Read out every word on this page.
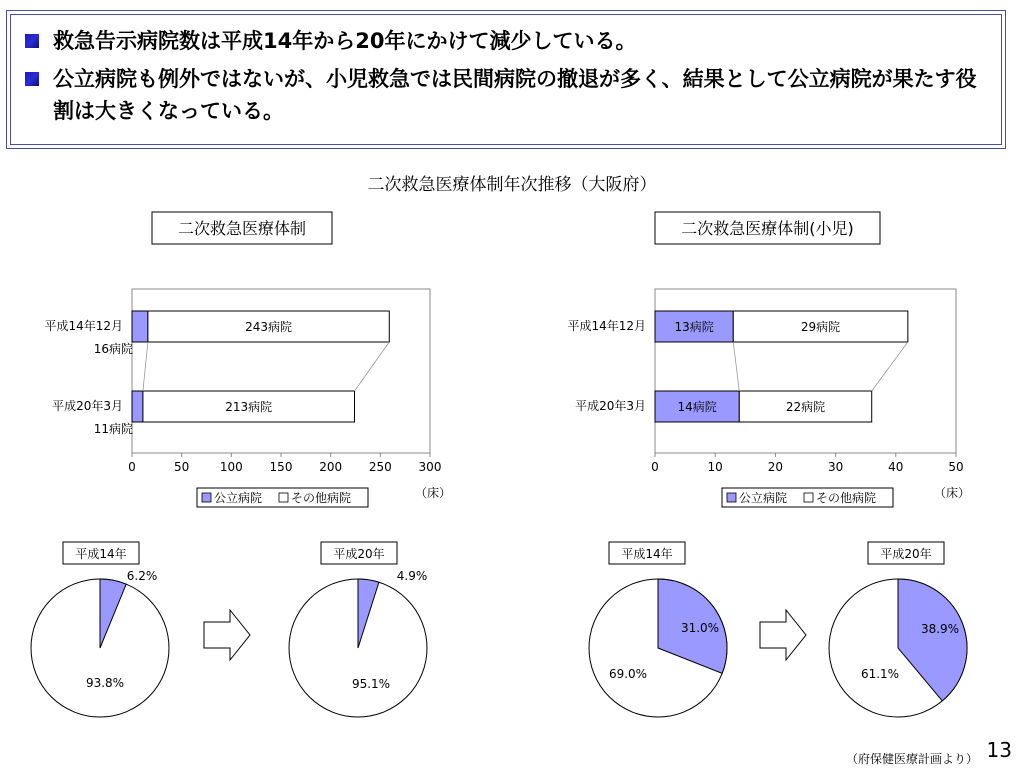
救急告示病院数は平成14年から20年にかけて減少している。
公立病院も例外ではないが、小児救急では民間病院の撤退が多く、結果として公立病院が果たす役割は大きくなっている。
二次救急医療体制年次推移（大阪府）
二次救急医療体制
0	50	100 150 200 250 300
平成14年12月	243病院
16病院
平成20年3月	213病院
11病院
公立病院 その他病院	（床）
二次救急医療体制(小児)
0	10	20	30	40	50
平成14年12月	29病院
13病院
平成20年3月	22病院
14病院
公立病院 その他病院	（床）
平成14年
6.2%
93.8%
平成20年
4.9%
95.1%
平成14年
31.0%
69.0%
平成20年
38.9%
61.1%
（府保健医療計画より） 13
